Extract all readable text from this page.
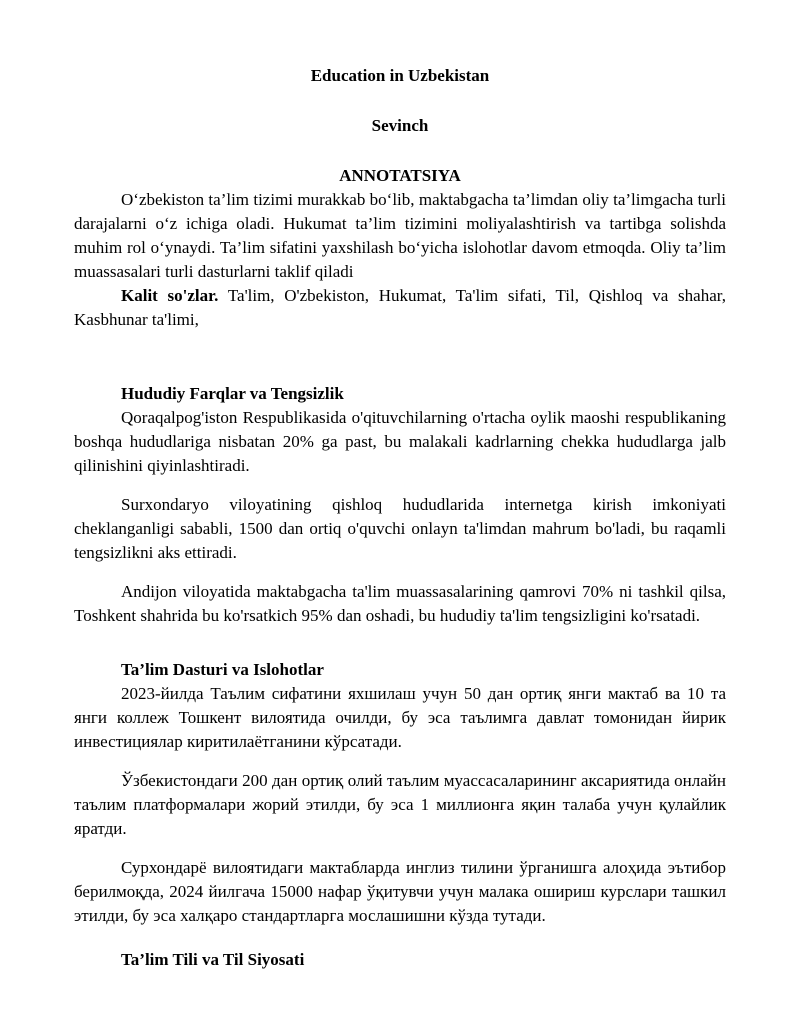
Education in Uzbekistan
Sevinch
ANNOTATSIYA

O‘zbekiston ta’lim tizimi murakkab bo‘lib, maktabgacha ta’limdan oliy ta’limgacha turli darajalarni o‘z ichiga oladi. Hukumat ta’lim tizimini moliyalashtirish va tartibga solishda muhim rol o‘ynaydi. Ta’lim sifatini yaxshilash bo‘yicha islohotlar davom etmoqda. Oliy ta’lim muassasalari turli dasturlarni taklif qiladi

Kalit so'zlar. Ta'lim, O'zbekiston, Hukumat, Ta'lim sifati, Til, Qishloq va shahar, Kasbhunar ta'limi,

Hududiy Farqlar va Tengsizlik

Qoraqalpog'iston Respublikasida o'qituvchilarning o'rtacha oylik maoshi respublikaning boshqa hududlariga nisbatan 20% ga past, bu malakali kadrlarning chekka hududlarga jalb qilinishini qiyinlashtiradi.

Surxondaryo viloyatining qishloq hududlarida internetga kirish imkoniyati cheklanganligi sababli, 1500 dan ortiq o'quvchi onlayn ta'limdan mahrum bo'ladi, bu raqamli tengsizlikni aks ettiradi.

Andijon viloyatida maktabgacha ta'lim muassasalarining qamrovi 70% ni tashkil qilsa, Toshkent shahrida bu ko'rsatkich 95% dan oshadi, bu hududiy ta'lim tengsizligini ko'rsatadi.

Ta’lim Dasturi va Islohotlar

2023-йилда Таълим сифатини яхшилаш учун 50 дан ортиқ янги мактаб ва 10 та янги коллеж Тошкент вилоятида очилди, бу эса таълимга давлат томонидан йирик инвестициялар киритилаётганини кўрсатади.

Ўзбекистондаги 200 дан ортиқ олий таълим муассасаларининг аксариятида онлайн таълим платформалари жорий этилди, бу эса 1 миллионга яқин талаба учун қулайлик яратди.

Сурхондарё вилоятидаги мактабларда инглиз тилини ўрганишга алоҳида эътибор берилмоқда, 2024 йилгача 15000 нафар ўқитувчи учун малака ошириш курслари ташкил этилди, бу эса халқаро стандартларга мослашишни кўзда тутади.

Ta’lim Tili va Til Siyosati
